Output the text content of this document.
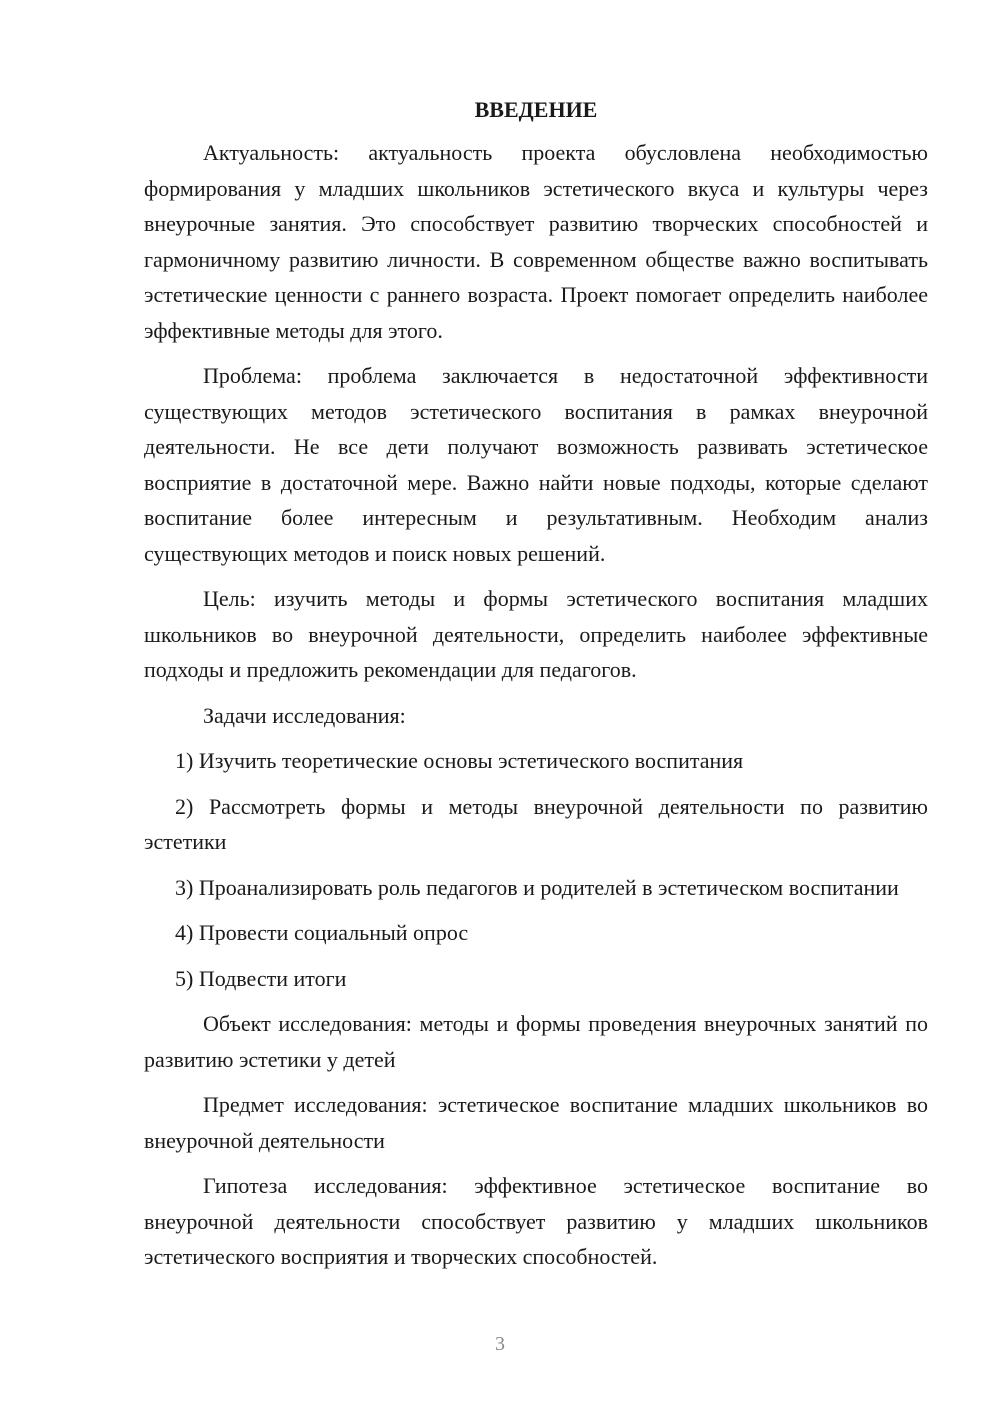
ВВЕДЕНИЕ

Актуальность: актуальность проекта обусловлена необходимостью формирования у младших школьников эстетического вкуса и культуры через внеурочные занятия. Это способствует развитию творческих способностей и гармоничному развитию личности. В современном обществе важно воспитывать эстетические ценности с раннего возраста. Проект помогает определить наиболее эффективные методы для этого.

Проблема: проблема заключается в недостаточной эффективности существующих методов эстетического воспитания в рамках внеурочной деятельности. Не все дети получают возможность развивать эстетическое восприятие в достаточной мере. Важно найти новые подходы, которые сделают воспитание более интересным и результативным. Необходим анализ существующих методов и поиск новых решений.

Цель: изучить методы и формы эстетического воспитания младших школьников во внеурочной деятельности, определить наиболее эффективные подходы и предложить рекомендации для педагогов.

Задачи исследования:

1) Изучить теоретические основы эстетического воспитания

2) Рассмотреть формы и методы внеурочной деятельности по развитию эстетики

3) Проанализировать роль педагогов и родителей в эстетическом воспитании

4) Провести социальный опрос

5) Подвести итоги

Объект исследования: методы и формы проведения внеурочных занятий по развитию эстетики у детей

Предмет исследования: эстетическое воспитание младших школьников во внеурочной деятельности

Гипотеза исследования: эффективное эстетическое воспитание во внеурочной деятельности способствует развитию у младших школьников эстетического восприятия и творческих способностей.

3
